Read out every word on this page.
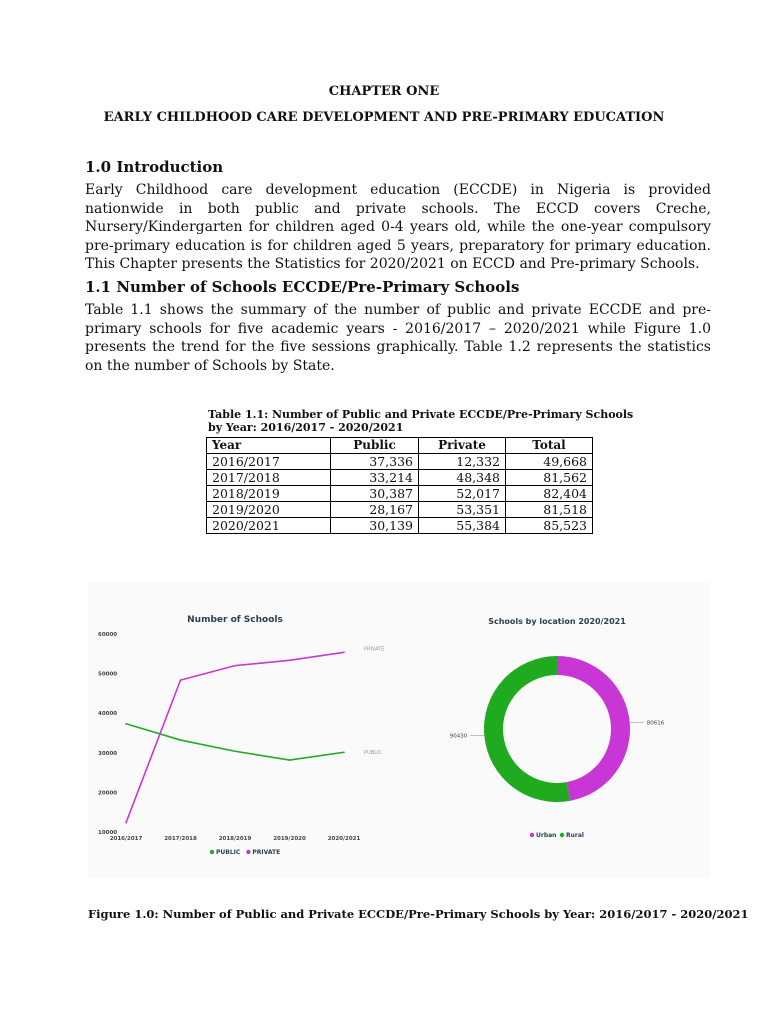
CHAPTER ONE
EARLY CHILDHOOD CARE DEVELOPMENT AND PRE-PRIMARY EDUCATION
1.0 Introduction
Early Childhood care development education (ECCDE) in Nigeria is provided nationwide in both public and private schools. The ECCD covers Creche, Nursery/Kindergarten for children aged 0-4 years old, while the one-year compulsory pre-primary education is for children aged 5 years, preparatory for primary education. This Chapter presents the Statistics for 2020/2021 on ECCD and Pre-primary Schools.
1.1 Number of Schools ECCDE/Pre-Primary Schools
Table 1.1 shows the summary of the number of public and private ECCDE and pre-primary schools for five academic years - 2016/2017 – 2020/2021 while Figure 1.0 presents the trend for the five sessions graphically. Table 1.2 represents the statistics on the number of Schools by State.
Table 1.1: Number of Public and Private ECCDE/Pre-Primary Schools by Year: 2016/2017 - 2020/2021
Year	Public	Private	Total
2016/2017	37,336	12,332	49,668
2017/2018	33,214	48,348	81,562
2018/2019	30,387	52,017	82,404
2019/2020	28,167	53,351	81,518
2020/2021	30,139	55,384	85,523
Number of Schools
60000
50000
40000
30000
20000
10000
2016/2017	2017/2018	2018/2019	2019/2020	2020/2021
PUBLIC
PRIVATE
PUBLIC PRIVATE
Schools by location 2020/2021
80616
90430
Urban Rural
Figure 1.0: Number of Public and Private ECCDE/Pre-Primary Schools by Year: 2016/2017 - 2020/2021
